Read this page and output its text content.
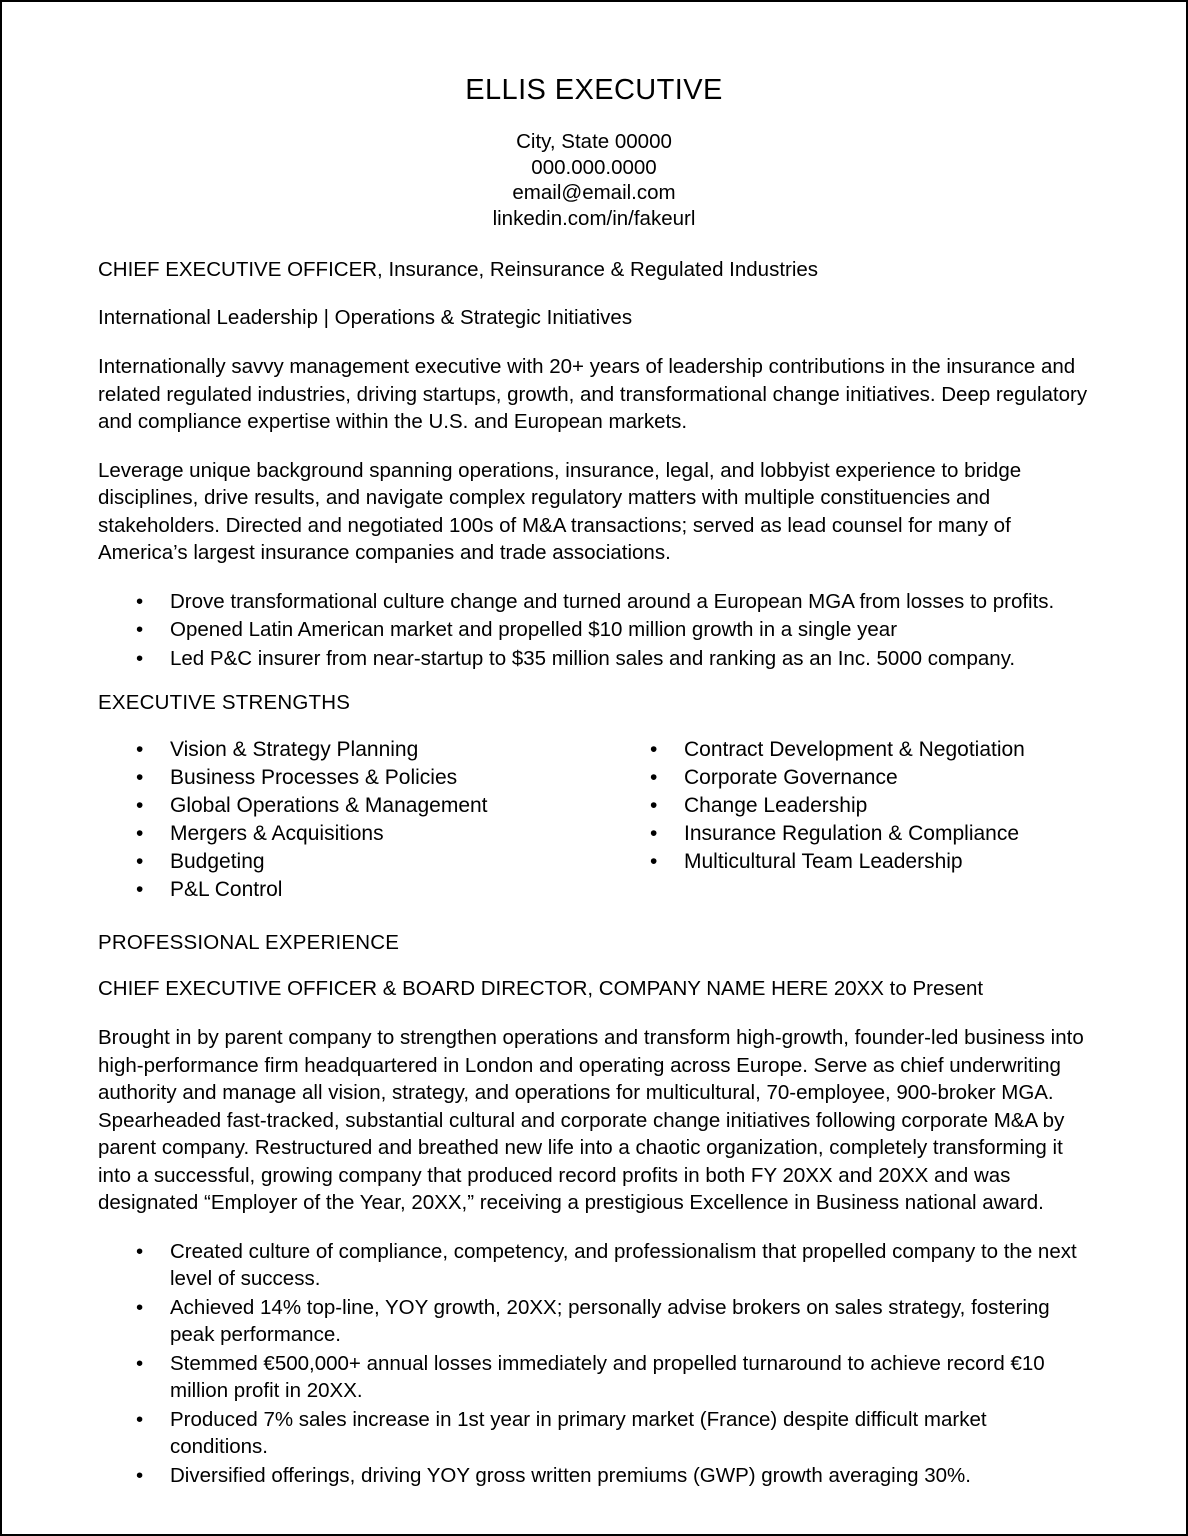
ELLIS EXECUTIVE
City, State 00000
000.000.0000
email@email.com
linkedin.com/in/fakeurl
CHIEF EXECUTIVE OFFICER, Insurance, Reinsurance & Regulated Industries
International Leadership | Operations & Strategic Initiatives

Internationally savvy management executive with 20+ years of leadership contributions in the insurance and related regulated industries, driving startups, growth, and transformational change initiatives. Deep regulatory and compliance expertise within the U.S. and European markets.

Leverage unique background spanning operations, insurance, legal, and lobbyist experience to bridge disciplines, drive results, and navigate complex regulatory matters with multiple constituencies and stakeholders. Directed and negotiated 100s of M&A transactions; served as lead counsel for many of America’s largest insurance companies and trade associations.

• Drove transformational culture change and turned around a European MGA from losses to profits.
• Opened Latin American market and propelled $10 million growth in a single year
• Led P&C insurer from near-startup to $35 million sales and ranking as an Inc. 5000 company.
EXECUTIVE STRENGTHS
• Vision & Strategy Planning
• Business Processes & Policies
• Global Operations & Management
• Mergers & Acquisitions
• Budgeting
• P&L Control
• Contract Development & Negotiation
• Corporate Governance
• Change Leadership
• Insurance Regulation & Compliance
• Multicultural Team Leadership
PROFESSIONAL EXPERIENCE
CHIEF EXECUTIVE OFFICER & BOARD DIRECTOR, COMPANY NAME HERE 20XX to Present

Brought in by parent company to strengthen operations and transform high-growth, founder-led business into high-performance firm headquartered in London and operating across Europe. Serve as chief underwriting authority and manage all vision, strategy, and operations for multicultural, 70-employee, 900-broker MGA. Spearheaded fast-tracked, substantial cultural and corporate change initiatives following corporate M&A by parent company. Restructured and breathed new life into a chaotic organization, completely transforming it into a successful, growing company that produced record profits in both FY 20XX and 20XX and was designated “Employer of the Year, 20XX,” receiving a prestigious Excellence in Business national award.

• Created culture of compliance, competency, and professionalism that propelled company to the next level of success.
• Achieved 14% top-line, YOY growth, 20XX; personally advise brokers on sales strategy, fostering peak performance.
• Stemmed €500,000+ annual losses immediately and propelled turnaround to achieve record €10 million profit in 20XX.
• Produced 7% sales increase in 1st year in primary market (France) despite difficult market conditions.
• Diversified offerings, driving YOY gross written premiums (GWP) growth averaging 30%.
